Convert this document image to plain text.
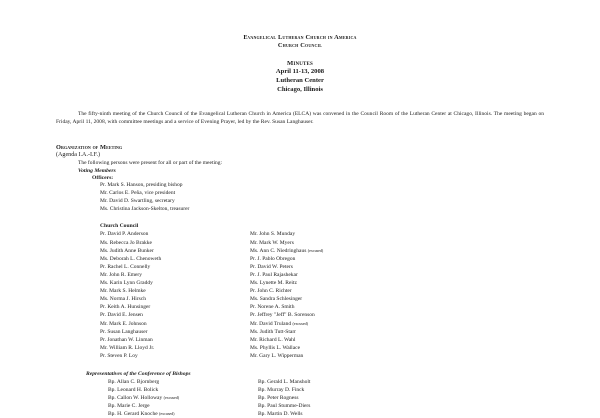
Evangelical Lutheran Church in America
Church Council
Minutes
April 11-13, 2008
Lutheran Center
Chicago, Illinois

The fifty-ninth meeting of the Church Council of the Evangelical Lutheran Church in America (ELCA) was convened in the Council Room of the Lutheran Center at Chicago, Illinois. The meeting began on Friday, April 11, 2008, with committee meetings and a service of Evening Prayer, led by the Rev. Susan Langhauser.

Organization of Meeting
(Agenda I.A.-I.F.)
The following persons were present for all or part of the meeting:
Voting Members
Officers:
Pr. Mark S. Hanson, presiding bishop
Mr. Carlos E. Peña, vice president
Mr. David D. Swartling, secretary
Ms. Christina Jackson-Skelton, treasurer
Church Council
Pr. David P. Anderson
Ms. Rebecca Jo Brakke
Ms. Judith Anne Bunker
Ms. Deborah L. Chenoweth
Pr. Rachel L. Connelly
Mr. John R. Emery
Ms. Karin Lynn Graddy
Mr. Mark S. Helmke
Ms. Norma J. Hirsch
Pr. Keith A. Hunsinger
Pr. David E. Jensen
Mr. Mark E. Johnson
Pr. Susan Langhauser
Pr. Jonathan W. Linman
Mr. William R. Lloyd Jr.
Pr. Steven P. Loy
Mr. John S. Munday
Mr. Mark W. Myers
Ms. Ann C. Niedringhaus (excused)
Pr. J. Pablo Obregon
Pr. David W. Peters
Pr. J. Paul Rajashekar
Ms. Lynette M. Reitz
Pr. John C. Richter
Ms. Sandra Schlesinger
Pr. Norene A. Smith
Pr. Jeffrey "Jeff" B. Sorenson
Mr. David Truland (excused)
Ms. Judith Tutt-Starr
Mr. Richard L. Wahl
Ms. Phyllis L. Wallace
Mr. Gary L. Wipperman
Representatives of the Conference of Bishops
Bp. Allan C. Bjornberg
Bp. Leonard H. Bolick
Bp. Callon W. Holloway (excused)
Bp. Marie C. Jerge
Bp. H. Gerard Knoche (excused)
Bp. Gerald L. Mansholt
Bp. Murray D. Finck
Bp. Peter Rogness
Bp. Paul Stumme-Diers
Bp. Martin D. Wells
